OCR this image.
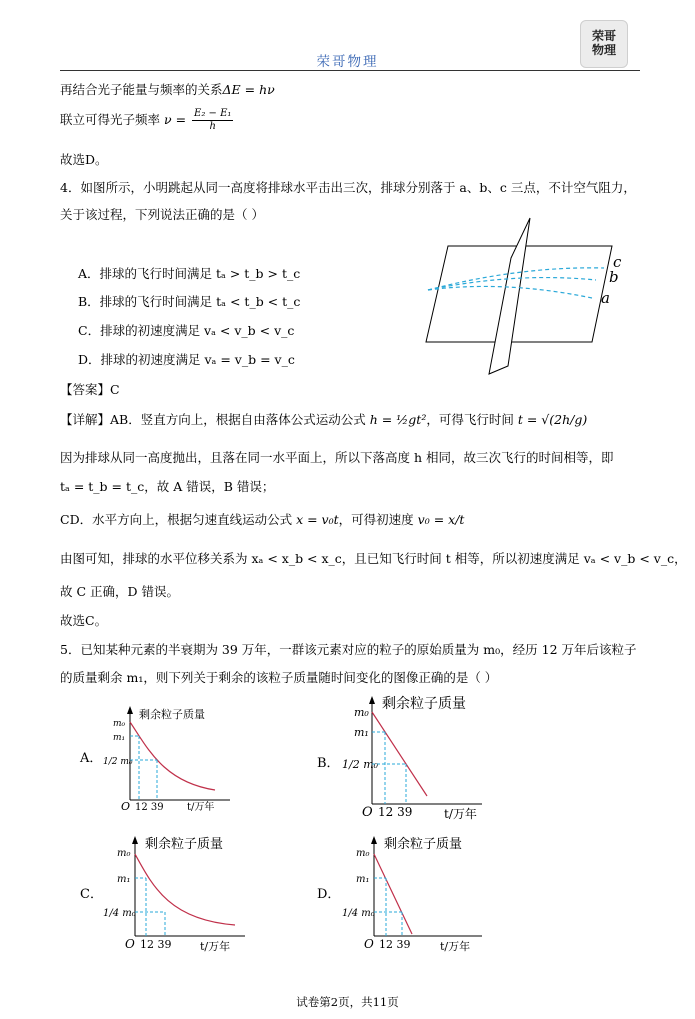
荣哥物理
荣哥
物理
再结合光子能量与频率的关系ΔE = hν
联立可得光子频率 $\nu = \frac{\text{E₂ − E₁}}{h}$
故选D。
4．如图所示，小明跳起从同一高度将排球水平击出三次，排球分别落于 a、b、c 三点，不计空气阻力，
关于该过程，下列说法正确的是（ ）
A．排球的飞行时间满足 tₐ > t_b > t_c
B．排球的飞行时间满足 tₐ < t_b < t_c
C．排球的初速度满足 vₐ < v_b < v_c
D．排球的初速度满足 vₐ = v_b = v_c
c
b
a
【答案】C
【详解】AB．竖直方向上，根据自由落体公式运动公式 h = ½gt²，可得飞行时间 t = √(2h/g)
因为排球从同一高度抛出，且落在同一水平面上，所以下落高度 h 相同，故三次飞行的时间相等，即
tₐ = t_b = t_c，故 A 错误，B 错误；
CD．水平方向上，根据匀速直线运动公式 x = v₀t，可得初速度 v₀ = x/t
由图可知，排球的水平位移关系为 xₐ < x_b < x_c，且已知飞行时间 t 相等，所以初速度满足 vₐ < v_b < v_c，
故 C 正确，D 错误。
故选C。
5．已知某种元素的半衰期为 39 万年，一群该元素对应的粒子的原始质量为 m₀，经历 12 万年后该粒子
的质量剩余 m₁，则下列关于剩余的该粒子质量随时间变化的图像正确的是（ ）
A．
剩余粒子质量
m₀
m₁
1/2 m₀
O 12 39 t/万年
B．
剩余粒子质量
m₀
m₁
1/2 m₀
O 12 39	t/万年
C．
剩余粒子质量
m₀
m₁
1/4 m₀
O 12 39	t/万年
D．
剩余粒子质量
m₀
m₁
1/4 m₀
O 12 39	t/万年
试卷第2页，共11页
